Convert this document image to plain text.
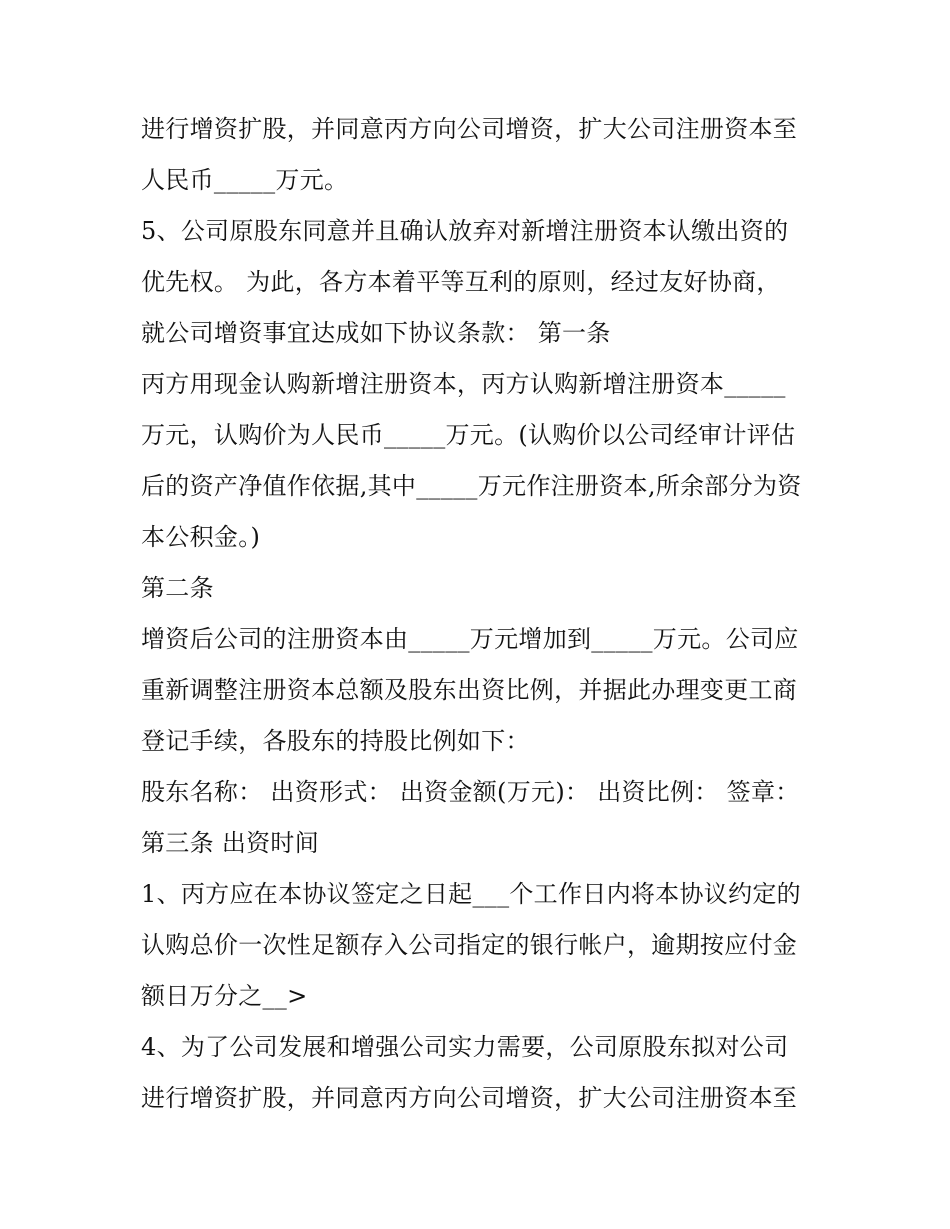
进行增资扩股，并同意丙方向公司增资，扩大公司注册资本至
人民币_____万元。
5、公司原股东同意并且确认放弃对新增注册资本认缴出资的
优先权。 为此，各方本着平等互利的原则，经过友好协商，
就公司增资事宜达成如下协议条款： 第一条
丙方用现金认购新增注册资本，丙方认购新增注册资本_____
万元，认购价为人民币_____万元。(认购价以公司经审计评估
后的资产净值作依据,其中_____万元作注册资本,所余部分为资
本公积金。)
第二条
增资后公司的注册资本由_____万元增加到_____万元。公司应
重新调整注册资本总额及股东出资比例，并据此办理变更工商
登记手续，各股东的持股比例如下：
股东名称： 出资形式： 出资金额(万元)： 出资比例： 签章：
第三条 出资时间
1、丙方应在本协议签定之日起___个工作日内将本协议约定的
认购总价一次性足额存入公司指定的银行帐户，逾期按应付金
额日万分之__>
4、为了公司发展和增强公司实力需要，公司原股东拟对公司
进行增资扩股，并同意丙方向公司增资，扩大公司注册资本至
